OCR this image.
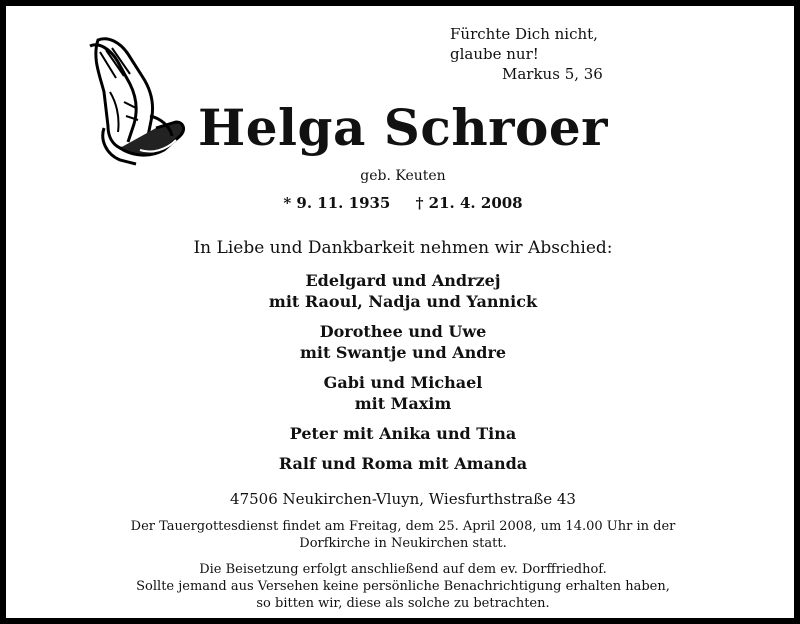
Fürchte Dich nicht,
glaube nur!
Markus 5, 36
Helga Schroer
geb. Keuten
* 9. 11. 1935 † 21. 4. 2008
In Liebe und Dankbarkeit nehmen wir Abschied:
Edelgard und Andrzej
mit Raoul, Nadja und Yannick
Dorothee und Uwe
mit Swantje und Andre
Gabi und Michael
mit Maxim
Peter mit Anika und Tina
Ralf und Roma mit Amanda
47506 Neukirchen-Vluyn, Wiesfurthstraße 43
Der Tauergottesdienst findet am Freitag, dem 25. April 2008, um 14.00 Uhr in der
Dorfkirche in Neukirchen statt.
Die Beisetzung erfolgt anschließend auf dem ev. Dorffriedhof.
Sollte jemand aus Versehen keine persönliche Benachrichtigung erhalten haben,
so bitten wir, diese als solche zu betrachten.
